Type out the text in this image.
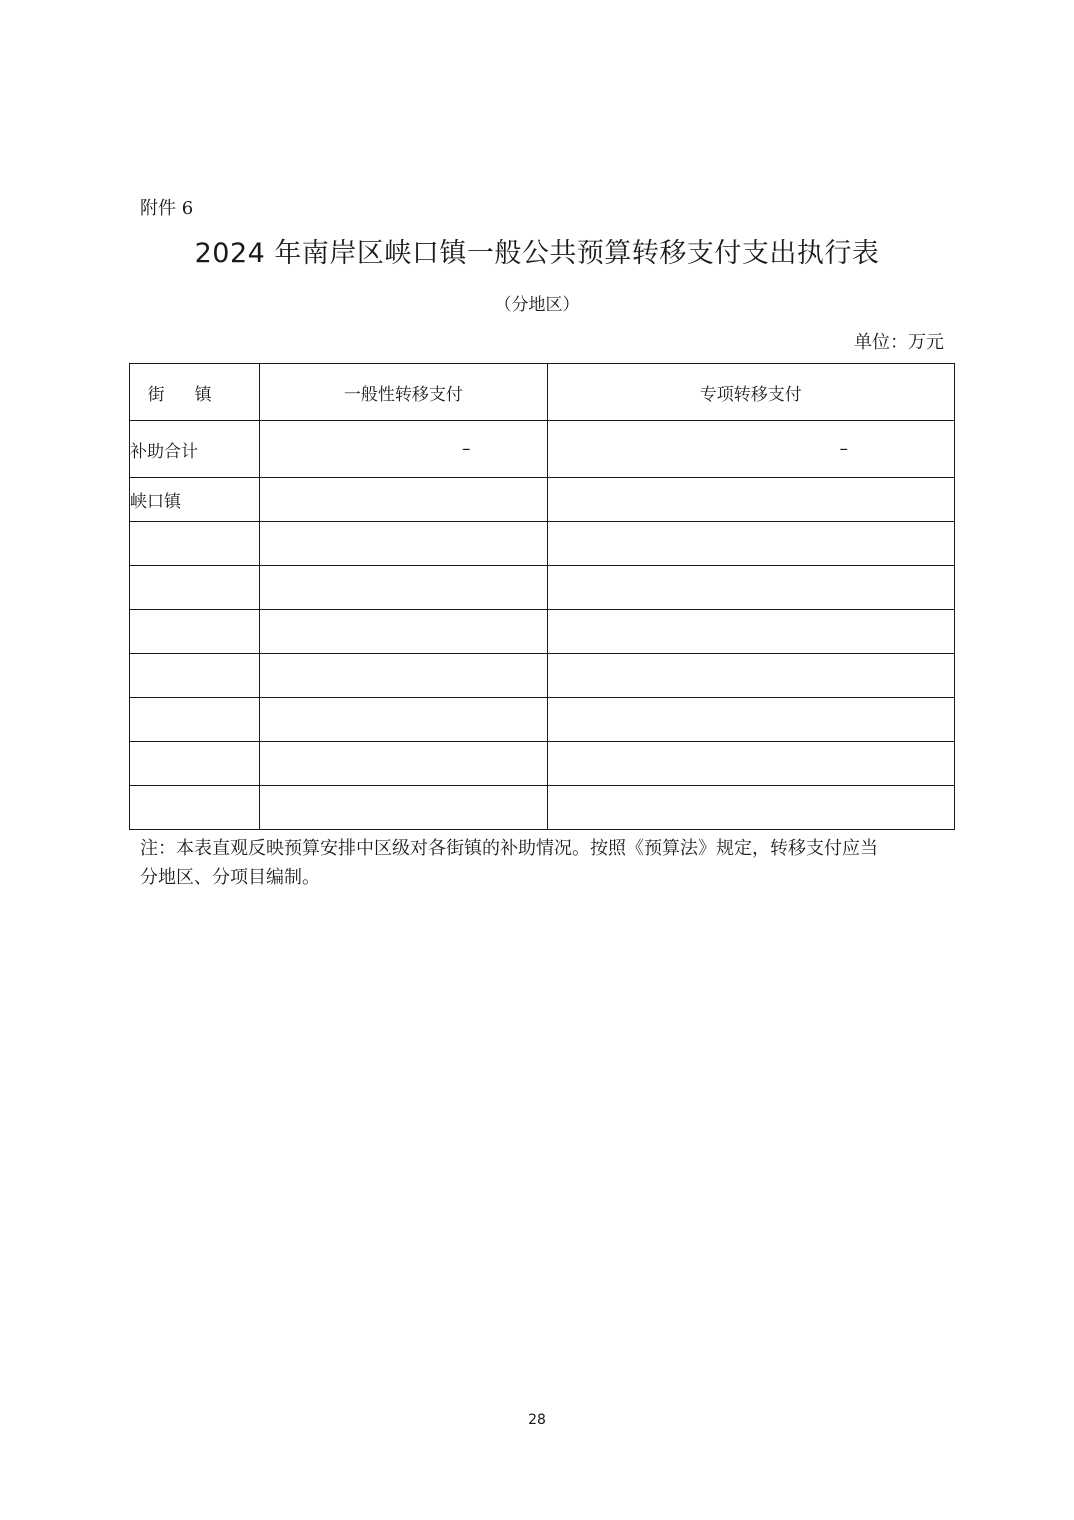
附件 6
2024 年南岸区峡口镇一般公共预算转移支付支出执行表
（分地区）
单位：万元
街镇	一般性转移支付	专项转移支付
补助合计	–	–
峡口镇		

注：本表直观反映预算安排中区级对各街镇的补助情况。按照《预算法》规定，转移支付应当
分地区、分项目编制。
28
